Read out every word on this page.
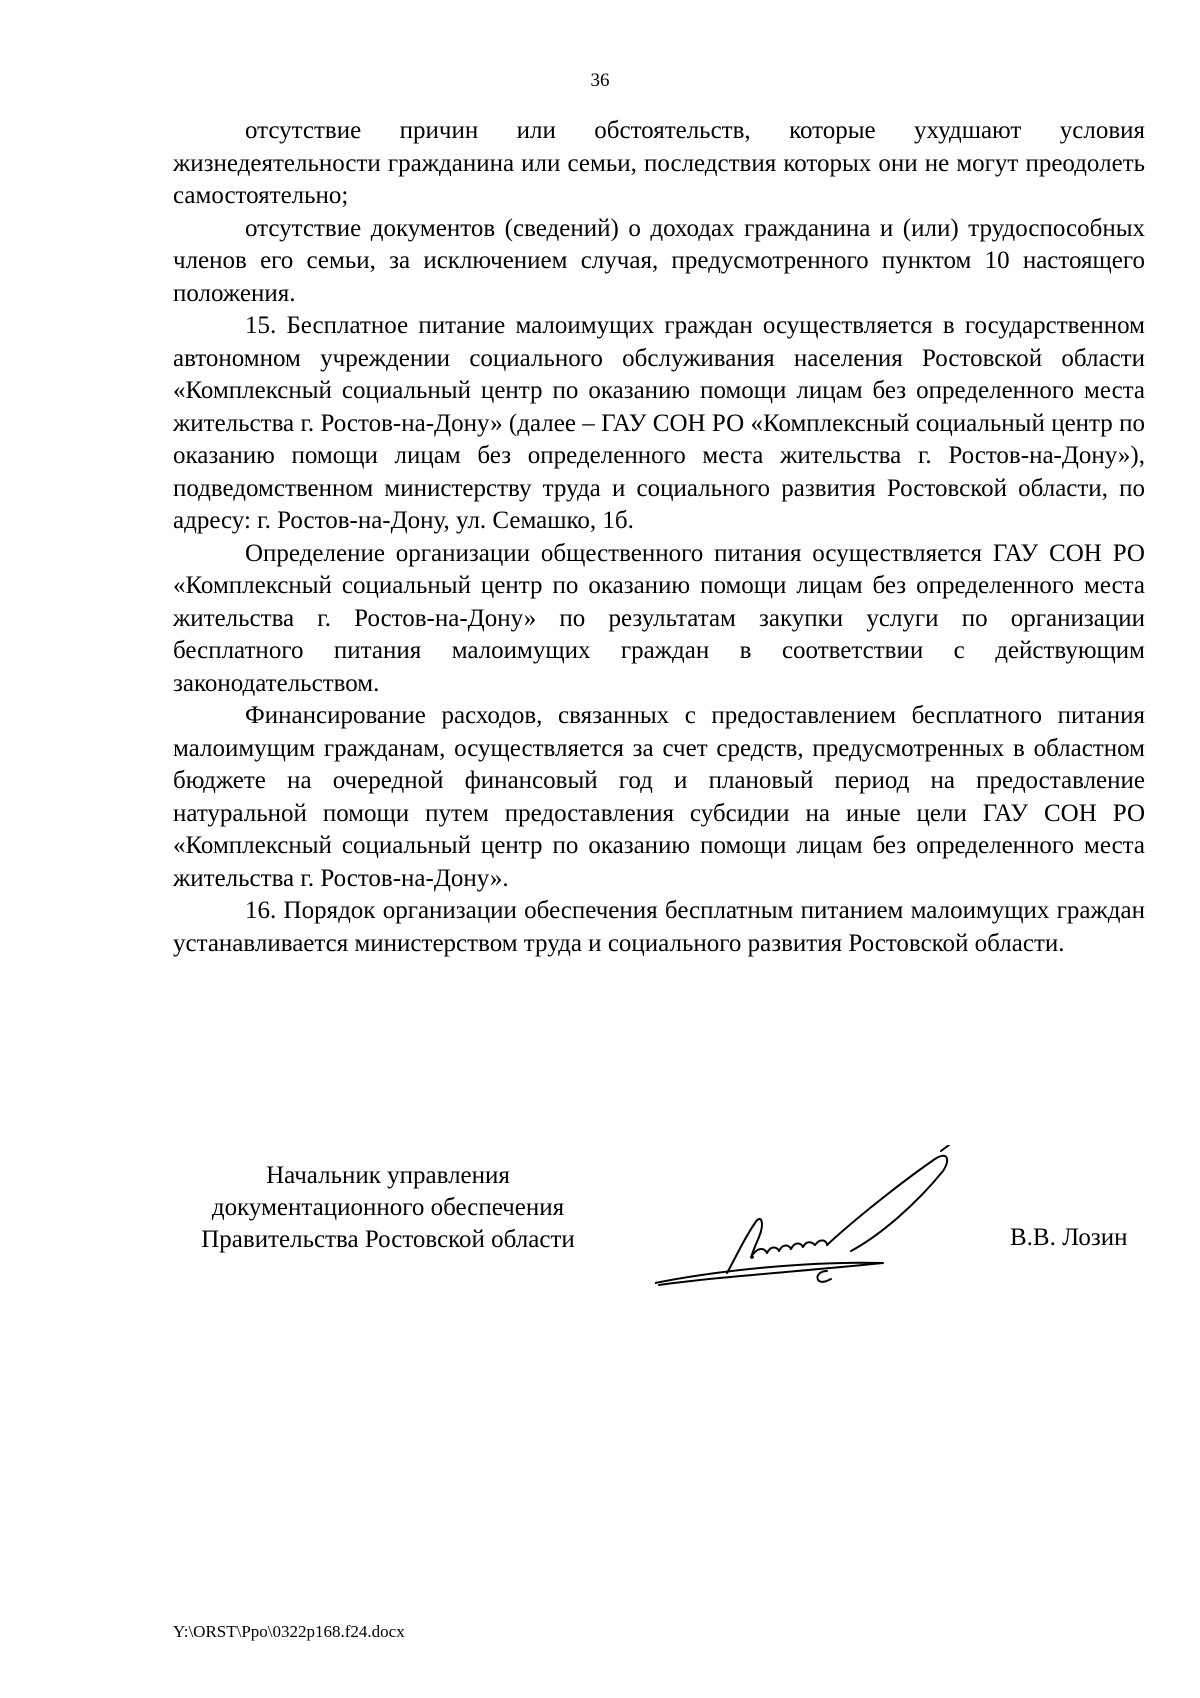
36

отсутствие причин или обстоятельств, которые ухудшают условия жизнедеятельности гражданина или семьи, последствия которых они не могут преодолеть самостоятельно;

отсутствие документов (сведений) о доходах гражданина и (или) трудоспособных членов его семьи, за исключением случая, предусмотренного пунктом 10 настоящего положения.

15. Бесплатное питание малоимущих граждан осуществляется в государственном автономном учреждении социального обслуживания населения Ростовской области «Комплексный социальный центр по оказанию помощи лицам без определенного места жительства г. Ростов-на-Дону» (далее – ГАУ СОН РО «Комплексный социальный центр по оказанию помощи лицам без определенного места жительства г. Ростов-на-Дону»), подведомственном министерству труда и социального развития Ростовской области, по адресу: г. Ростов-на-Дону, ул. Семашко, 1б.

Определение организации общественного питания осуществляется ГАУ СОН РО «Комплексный социальный центр по оказанию помощи лицам без определенного места жительства г. Ростов-на-Дону» по результатам закупки услуги по организации бесплатного питания малоимущих граждан в соответствии с действующим законодательством.

Финансирование расходов, связанных с предоставлением бесплатного питания малоимущим гражданам, осуществляется за счет средств, предусмотренных в областном бюджете на очередной финансовый год и плановый период на предоставление натуральной помощи путем предоставления субсидии на иные цели ГАУ СОН РО «Комплексный социальный центр по оказанию помощи лицам без определенного места жительства г. Ростов-на-Дону».

16. Порядок организации обеспечения бесплатным питанием малоимущих граждан устанавливается министерством труда и социального развития Ростовской области.

Начальник управления
документационного обеспечения
Правительства Ростовской области	В.В. Лозин
Y:\ORST\Ppo\0322p168.f24.docx
